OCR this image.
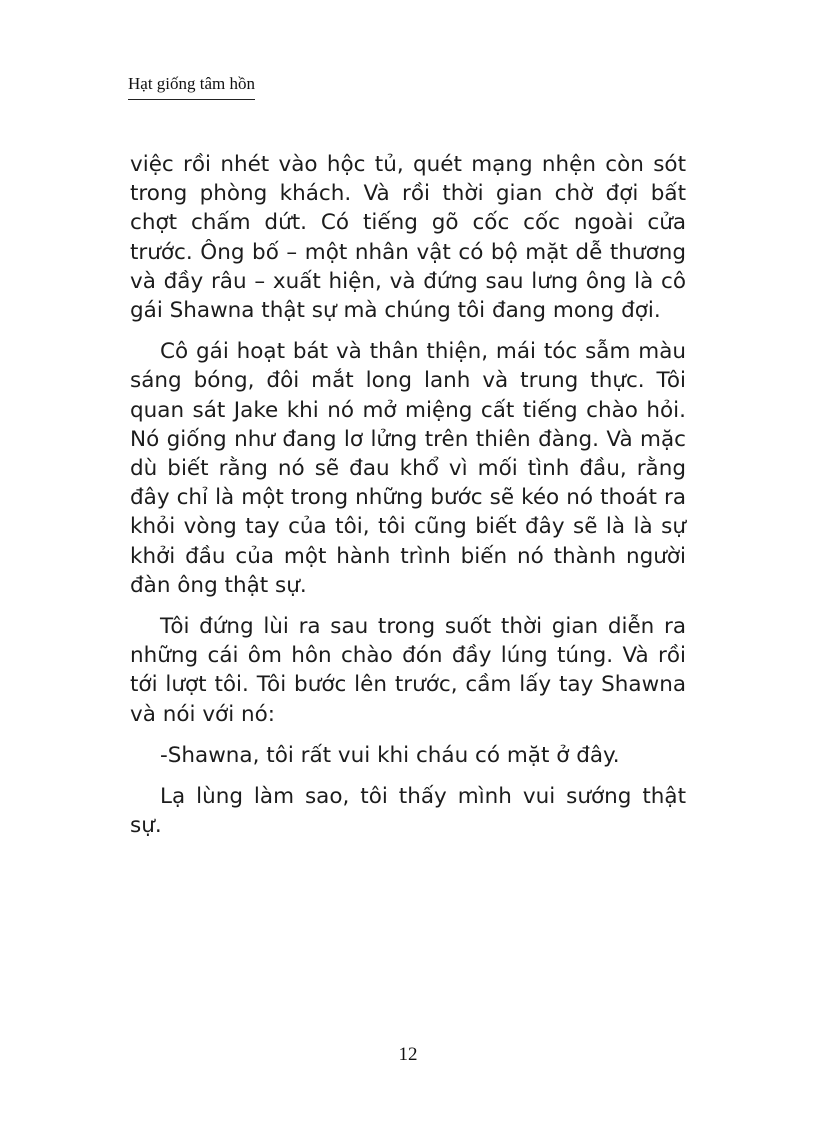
Hạt giống tâm hồn

việc rồi nhét vào hộc tủ, quét mạng nhện còn sót trong phòng khách. Và rồi thời gian chờ đợi bất chợt chấm dứt. Có tiếng gõ cốc cốc ngoài cửa trước. Ông bố – một nhân vật có bộ mặt dễ thương và đầy râu – xuất hiện, và đứng sau lưng ông là cô gái Shawna thật sự mà chúng tôi đang mong đợi.

Cô gái hoạt bát và thân thiện, mái tóc sẫm màu sáng bóng, đôi mắt long lanh và trung thực. Tôi quan sát Jake khi nó mở miệng cất tiếng chào hỏi. Nó giống như đang lơ lửng trên thiên đàng. Và mặc dù biết rằng nó sẽ đau khổ vì mối tình đầu, rằng đây chỉ là một trong những bước sẽ kéo nó thoát ra khỏi vòng tay của tôi, tôi cũng biết đây sẽ là là sự khởi đầu của một hành trình biến nó thành người đàn ông thật sự.

Tôi đứng lùi ra sau trong suốt thời gian diễn ra những cái ôm hôn chào đón đầy lúng túng. Và rồi tới lượt tôi. Tôi bước lên trước, cầm lấy tay Shawna và nói với nó:

-Shawna, tôi rất vui khi cháu có mặt ở đây.

Lạ lùng làm sao, tôi thấy mình vui sướng thật sự.

12
